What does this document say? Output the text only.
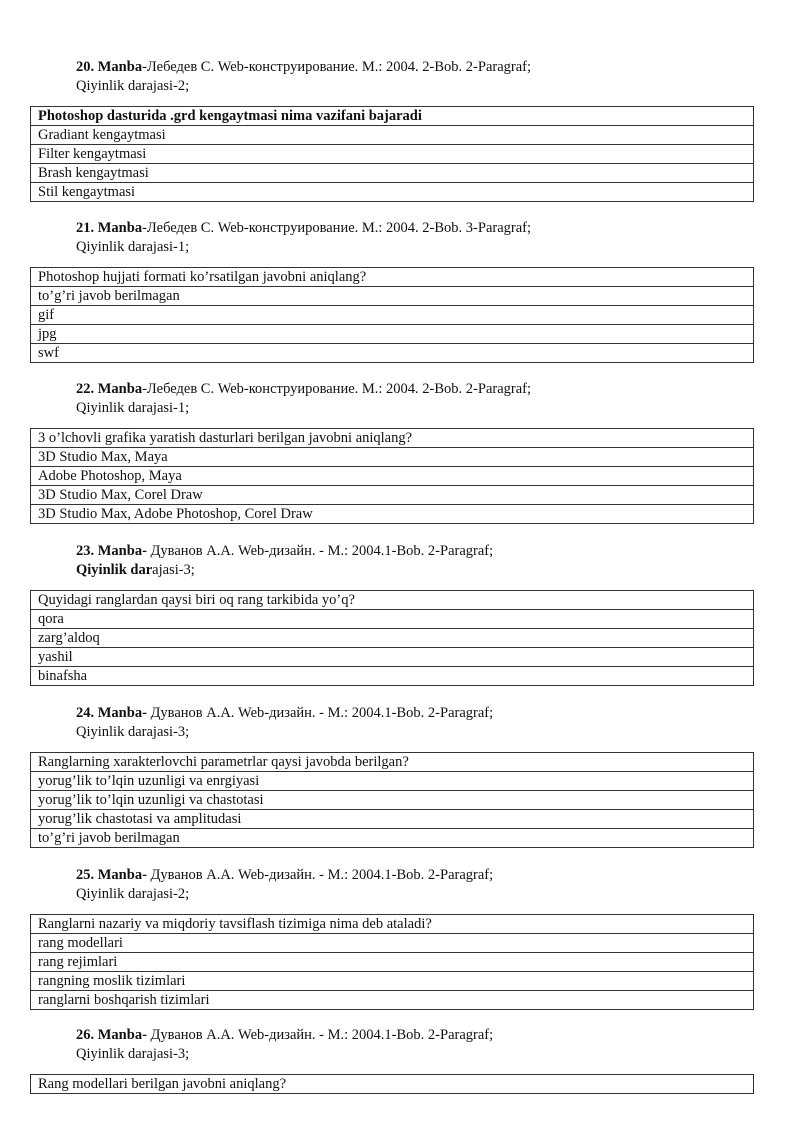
20. Manba-Лебедев С. Web-конструирование. М.: 2004. 2-Bob. 2-Paragraf;
Qiyinlik darajasi-2;
Photoshop dasturida .grd kengaytmasi nima vazifani bajaradi
Gradiant kengaytmasi
Filter kengaytmasi
Brash kengaytmasi
Stil kengaytmasi
21. Manba-Лебедев С. Web-конструирование. М.: 2004. 2-Bob. 3-Paragraf;
Qiyinlik darajasi-1;
Photoshop hujjati formati ko’rsatilgan javobni aniqlang?
to’g’ri javob berilmagan
gif
jpg
swf
22. Manba-Лебедев С. Web-конструирование. М.: 2004. 2-Bob. 2-Paragraf;
Qiyinlik darajasi-1;
3 o’lchovli grafika yaratish dasturlari berilgan javobni aniqlang?
3D Studio Max, Maya
Adobe Photoshop, Maya
3D Studio Max, Corel Draw
3D Studio Max, Adobe Photoshop, Corel Draw
23. Manba- Дуванов А.А. Web-дизайн. - М.: 2004.1-Bob. 2-Paragraf;
Qiyinlik darajasi-3;
Quyidagi ranglardan qaysi biri oq rang tarkibida yo’q?
qora
zarg’aldoq
yashil
binafsha
24. Manba- Дуванов А.А. Web-дизайн. - М.: 2004.1-Bob. 2-Paragraf;
Qiyinlik darajasi-3;
Ranglarning xarakterlovchi parametrlar qaysi javobda berilgan?
yorug’lik to’lqin uzunligi va enrgiyasi
yorug’lik to’lqin uzunligi va chastotasi
yorug’lik chastotasi va amplitudasi
to’g’ri javob berilmagan
25. Manba- Дуванов А.А. Web-дизайн. - М.: 2004.1-Bob. 2-Paragraf;
Qiyinlik darajasi-2;
Ranglarni nazariy va miqdoriy tavsiflash tizimiga nima deb ataladi?
rang modellari
rang rejimlari
rangning moslik tizimlari
ranglarni boshqarish tizimlari
26. Manba- Дуванов А.А. Web-дизайн. - М.: 2004.1-Bob. 2-Paragraf;
Qiyinlik darajasi-3;
Rang modellari berilgan javobni aniqlang?
